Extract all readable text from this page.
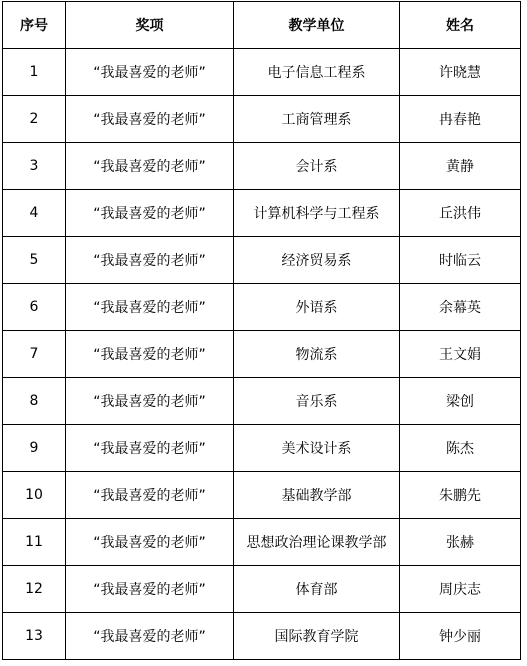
序号	奖项	教学单位	姓名
1	“我最喜爱的老师”	电子信息工程系	许晓慧
2	“我最喜爱的老师”	工商管理系	冉春艳
3	“我最喜爱的老师”	会计系	黄静
4	“我最喜爱的老师”	计算机科学与工程系	丘洪伟
5	“我最喜爱的老师”	经济贸易系	时临云
6	“我最喜爱的老师”	外语系	余幕英
7	“我最喜爱的老师”	物流系	王文娟
8	“我最喜爱的老师”	音乐系	梁创
9	“我最喜爱的老师”	美术设计系	陈杰
10	“我最喜爱的老师”	基础教学部	朱鹏先
11	“我最喜爱的老师”	思想政治理论课教学部	张赫
12	“我最喜爱的老师”	体育部	周庆志
13	“我最喜爱的老师”	国际教育学院	钟少丽
